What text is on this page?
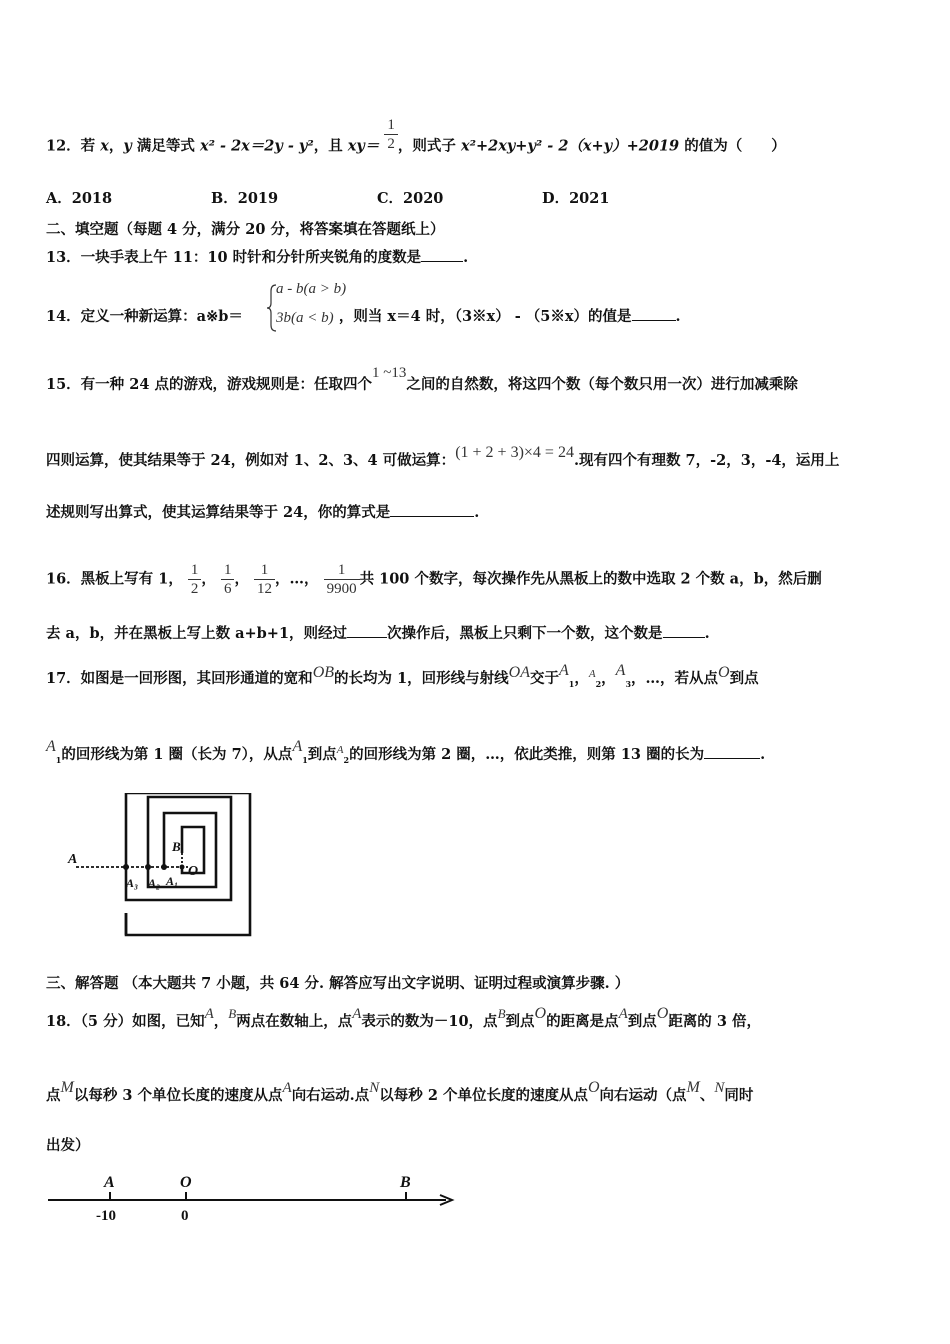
12．若 x，y 满足等式 x² - 2x＝2y - y²，且 $xy= \frac{1}{2}$ ，则式子 x²+2xy+y² - 2（x+y）+2019 的值为（　　）
A．2018	B．2019	C．2020	D．2021
二、填空题（每题 4 分，满分 20 分，将答案填在答题纸上）
13．一块手表上午 11：10 时针和分针所夹锐角的度数是	.
14．定义一种新运算：a※b＝	，则当 x＝4 时，（3※x） - （5※x）的值是	.
a - b(a > b)
3b(a < b)
15．有一种 24 点的游戏，游戏规则是：任取四个1 ~13之间的自然数，将这四个数（每个数只用一次）进行加减乘除
四则运算，使其结果等于 24，例如对 1、2、3、4 可做运算：(1 + 2 + 3)×4 = 24.现有四个有理数 7，-2，3，-4，运用上
述规则写出算式，使其运算结果等于 24，你的算式是	.
16．黑板上写有 1， $\frac{1}{2}$ ， $\frac{1}{6}$ ， $\frac{1}{12}$ ，…， $\frac{1}{9900}$ 共 100 个数字，每次操作先从黑板上的数中选取 2 个数 a，b，然后删
去 a，b，并在黑板上写上数 a+b+1，则经过	次操作后，黑板上只剩下一个数，这个数是	.
17．如图是一回形图，其回形通道的宽和OB的长均为 1，回形线与射线OA交于$A_1$，$^A_2$，$A_3$，…，若从点O到点
$A_1$的回形线为第 1 圈（长为 7），从点$A_1$到点$^A_2$的回形线为第 2 圈，…，依此类推，则第 13 圈的长为	.
A
B
O
A₃ A₂ A₁
三、解答题 （本大题共 7 小题，共 64 分. 解答应写出文字说明、证明过程或演算步骤. ）
18．（5 分）如图，已知A，B两点在数轴上，点A表示的数为－10，点B到点O的距离是点A到点O距离的 3 倍，
点M以每秒 3 个单位长度的速度从点A向右运动.点N以每秒 2 个单位长度的速度从点O向右运动（点M、N同时
出发）
A	O	B
-10	0
